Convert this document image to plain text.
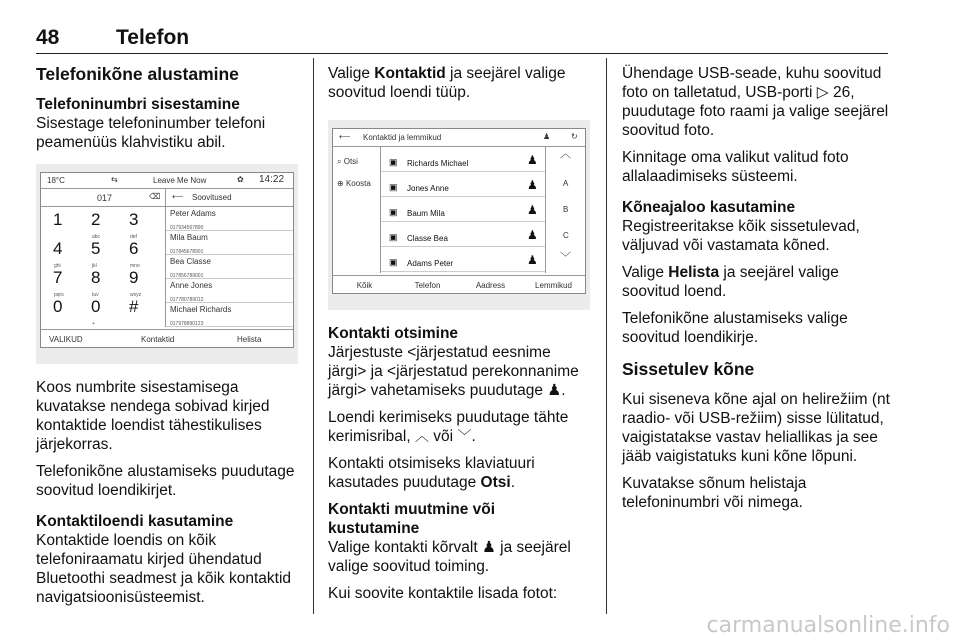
48	Telefon
Telefonikõne alustamine
Telefoninumbri sisestamine

Sisestage telefoninumber telefoni peamenüüs klahvistiku abil.

18°C	⇆	Leave Me Now	✿ 14:22
017	⌫ ⟵ Soovitused
1 2
abc
3
def
4
ghi
5
jkl
6
mno
7
pqrs
8
tuv
9
wxyz
0 0
+
#
Peter Adams
017934567890
Mila Baum
017845678901
Bea Classe
017856789001
Anne Jones
017780789012
Michael Richards
017978890123
VALIKUD	Kontaktid	Helista

Koos numbrite sisestamisega kuvatakse nendega sobivad kirjed kontaktide loendist tähestikulises järjekorras.

Telefonikõne alustamiseks puudutage soovitud loendikirjet.

Kontaktiloendi kasutamine

Kontaktide loendis on kõik telefoniraamatu kirjed ühendatud Bluetoothi seadmest ja kõik kontaktid navigatsioonisüsteemist.

Valige Kontaktid ja seejärel valige soovitud loendi tüüp.

⟵ Kontaktid ja lemmikud	♟	↻
⌕ Otsi
⊕ Koosta
▣ Richards Michael	♟
▣ Jones Anne	♟
▣ Baum Mila	♟
▣ Classe Bea	♟
▣ Adams Peter	♟
︿
A
B
C
﹀
Kõik	Telefon	Aadress	Lemmikud
Kontakti otsimine

Järjestuste <järjestatud eesnime järgi> ja <järjestatud perekonnanime järgi> vahetamiseks puudutage ♟.

Loendi kerimiseks puudutage tähte kerimisribal, ︿ või ﹀.

Kontakti otsimiseks klaviatuuri kasutades puudutage Otsi.

Kontakti muutmine või kustutamine

Valige kontakti kõrvalt ♟ ja seejärel valige soovitud toiming.

Kui soovite kontaktile lisada fotot:

Ühendage USB-seade, kuhu soovitud foto on talletatud, USB-porti ▷ 26, puudutage foto raami ja valige seejärel soovitud foto.

Kinnitage oma valikut valitud foto allalaadimiseks süsteemi.

Kõneajaloo kasutamine

Registreeritakse kõik sissetulevad, väljuvad või vastamata kõned.

Valige Helista ja seejärel valige soovitud loend.

Telefonikõne alustamiseks valige soovitud loendikirje.

Sissetulev kõne

Kui siseneva kõne ajal on helirežiim (nt raadio- või USB-režiim) sisse lülitatud, vaigistatakse vastav heliallikas ja see jääb vaigistatuks kuni kõne lõpuni.

Kuvatakse sõnum helistaja telefoninumbri või nimega.

carmanualsonline.info
